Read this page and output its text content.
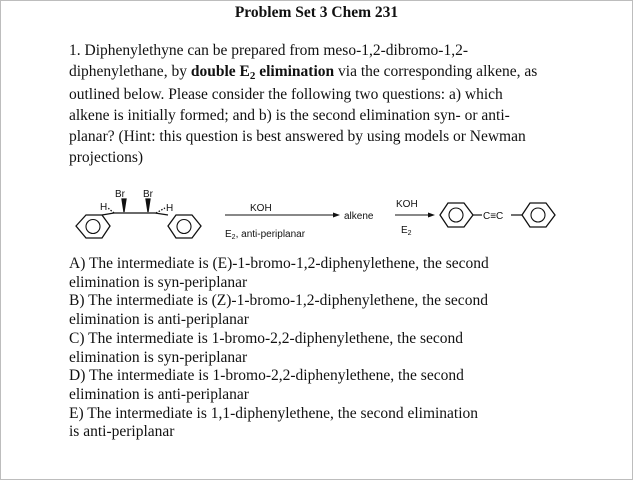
Problem Set 3 Chem 231

1. Diphenylethyne can be prepared from meso-1,2-dibromo-1,2-diphenylethane, by double E2 elimination via the corresponding alkene, as outlined below. Please consider the following two questions: a) which alkene is initially formed; and b) is the second elimination syn- or anti-planar? (Hint: this question is best answered by using models or Newman projections)

H
Br Br
H	KOH
$E_2$, anti-periplanar
alkene
KOH
$E_2$
C≡C
A) The intermediate is (E)-1-bromo-1,2-diphenylethene, the second
elimination is syn-periplanar
B) The intermediate is (Z)-1-bromo-1,2-diphenylethene, the second
elimination is anti-periplanar
C) The intermediate is 1-bromo-2,2-diphenylethene, the second
elimination is syn-periplanar
D) The intermediate is 1-bromo-2,2-diphenylethene, the second
elimination is anti-periplanar
E) The intermediate is 1,1-diphenylethene, the second elimination
is anti-periplanar
